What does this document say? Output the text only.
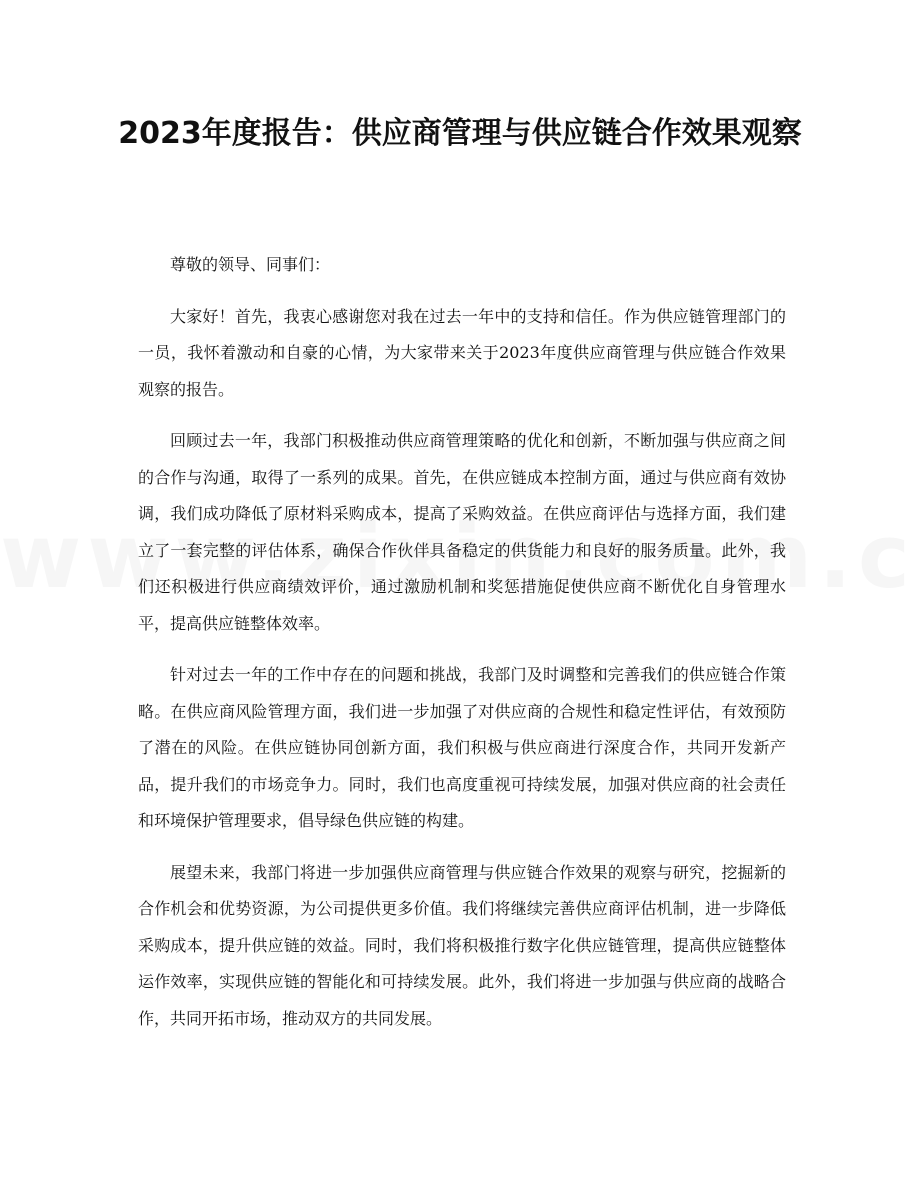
2023年度报告：供应商管理与供应链合作效果观察

尊敬的领导、同事们：

大家好！首先，我衷心感谢您对我在过去一年中的支持和信任。作为供应链管理部门的一员，我怀着激动和自豪的心情，为大家带来关于2023年度供应商管理与供应链合作效果观察的报告。

回顾过去一年，我部门积极推动供应商管理策略的优化和创新，不断加强与供应商之间的合作与沟通，取得了一系列的成果。首先，在供应链成本控制方面，通过与供应商有效协调，我们成功降低了原材料采购成本，提高了采购效益。在供应商评估与选择方面，我们建立了一套完整的评估体系，确保合作伙伴具备稳定的供货能力和良好的服务质量。此外，我们还积极进行供应商绩效评价，通过激励机制和奖惩措施促使供应商不断优化自身管理水平，提高供应链整体效率。

针对过去一年的工作中存在的问题和挑战，我部门及时调整和完善我们的供应链合作策略。在供应商风险管理方面，我们进一步加强了对供应商的合规性和稳定性评估，有效预防了潜在的风险。在供应链协同创新方面，我们积极与供应商进行深度合作，共同开发新产品，提升我们的市场竞争力。同时，我们也高度重视可持续发展，加强对供应商的社会责任和环境保护管理要求，倡导绿色供应链的构建。

展望未来，我部门将进一步加强供应商管理与供应链合作效果的观察与研究，挖掘新的合作机会和优势资源，为公司提供更多价值。我们将继续完善供应商评估机制，进一步降低采购成本，提升供应链的效益。同时，我们将积极推行数字化供应链管理，提高供应链整体运作效率，实现供应链的智能化和可持续发展。此外，我们将进一步加强与供应商的战略合作，共同开拓市场，推动双方的共同发展。
